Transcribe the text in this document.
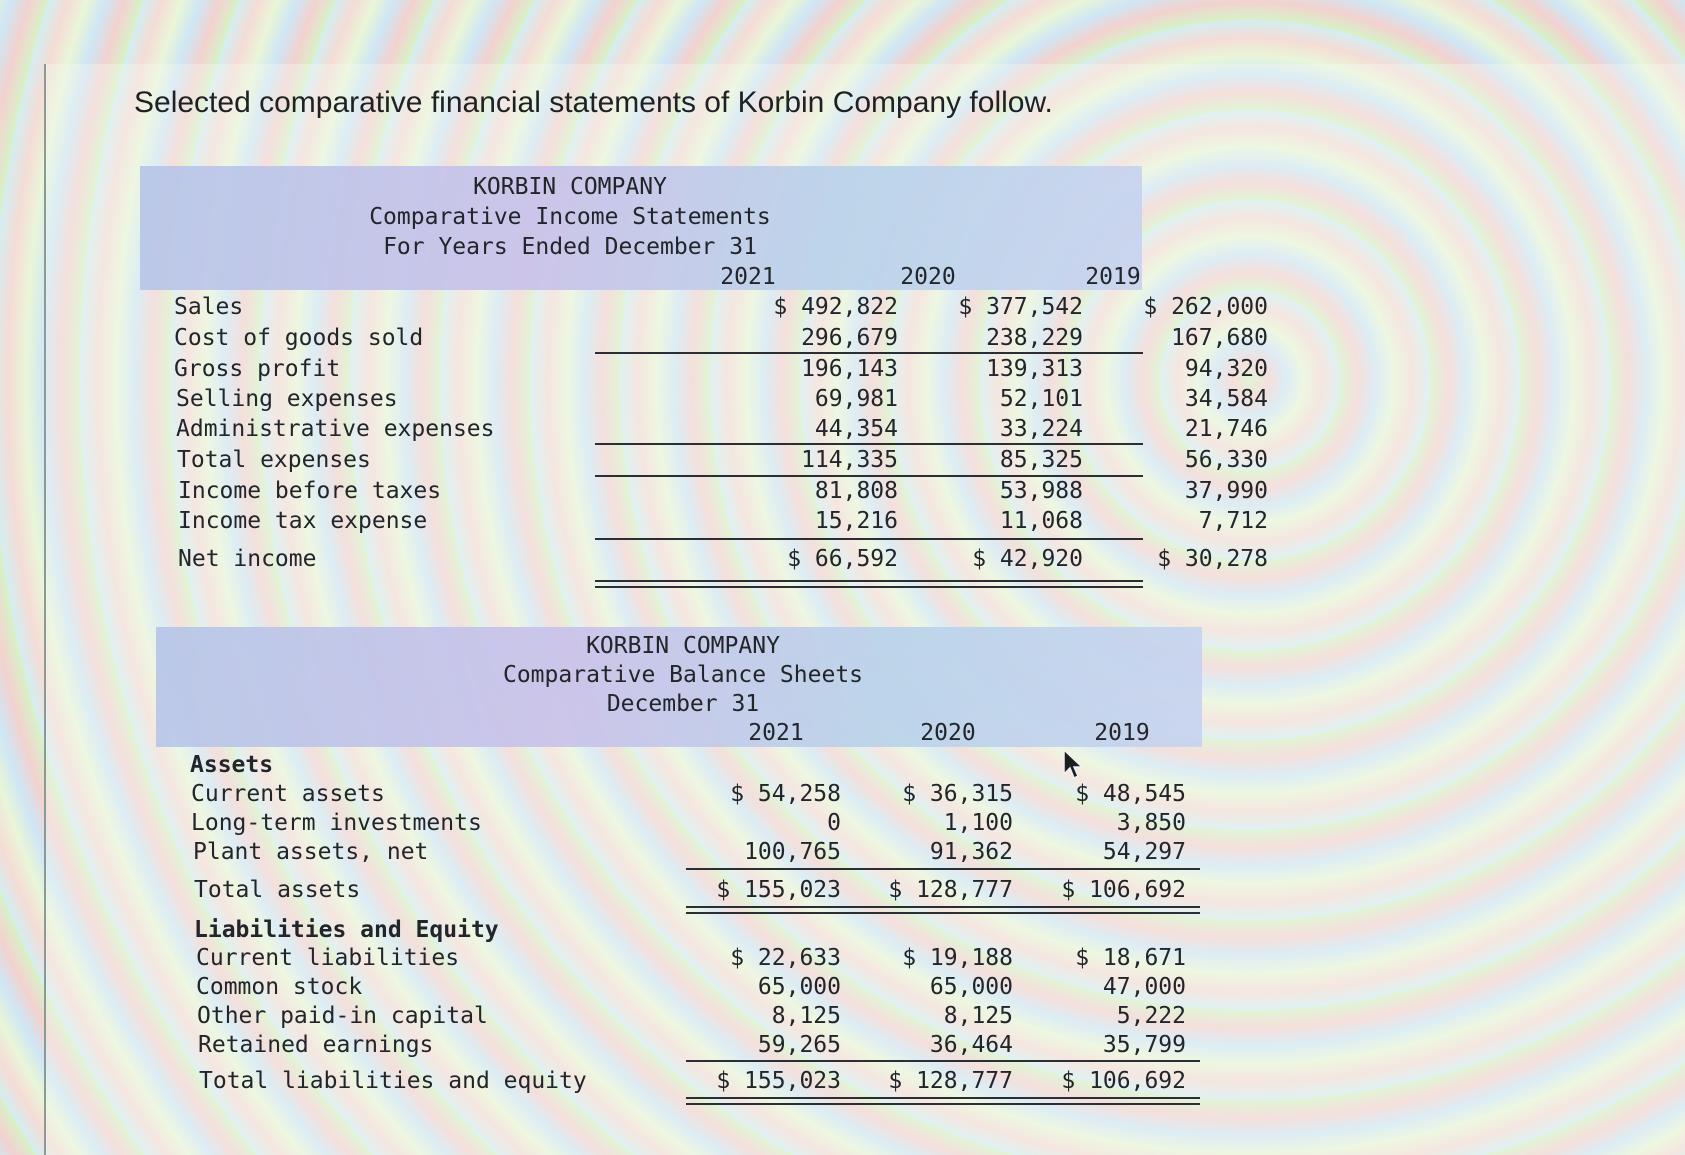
Selected comparative financial statements of Korbin Company follow.
KORBIN COMPANY
Comparative Income Statements
For Years Ended December 31
2021	2020	2019
Sales	$ 492,822	$ 377,542	$ 262,000
Cost of goods sold	296,679	238,229	167,680
Gross profit	196,143	139,313	94,320
Selling expenses	69,981	52,101	34,584
Administrative expenses	44,354	33,224	21,746
Total expenses	114,335	85,325	56,330
Income before taxes	81,808	53,988	37,990
Income tax expense	15,216	11,068	7,712
Net income	$ 66,592	$ 42,920	$ 30,278
KORBIN COMPANY
Comparative Balance Sheets
December 31
2021	2020	2019
Assets
Current assets	$ 54,258	$ 36,315	$ 48,545
Long-term investments	0	1,100	3,850
Plant assets, net	100,765	91,362	54,297
Total assets	$ 155,023	$ 128,777	$ 106,692
Liabilities and Equity
Current liabilities	$ 22,633	$ 19,188	$ 18,671
Common stock	65,000	65,000	47,000
Other paid-in capital	8,125	8,125	5,222
Retained earnings	59,265	36,464	35,799
Total liabilities and equity	$ 155,023	$ 128,777	$ 106,692
